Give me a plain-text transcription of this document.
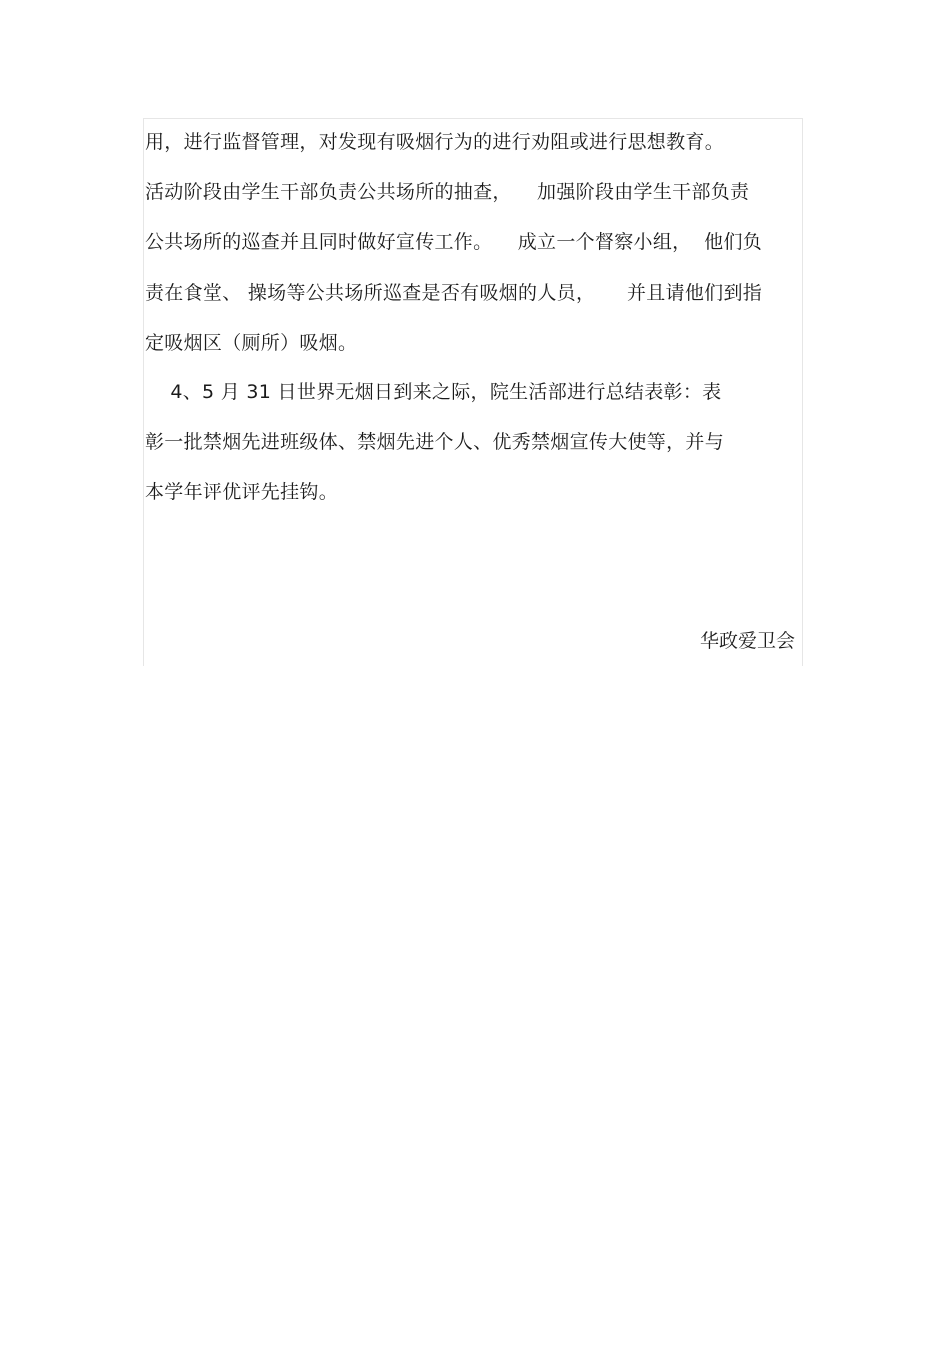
用，进行监督管理，对发现有吸烟行为的进行劝阻或进行思想教育。
活动阶段由学生干部负责公共场所的抽查，    加强阶段由学生干部负责
公共场所的巡查并且同时做好宣传工作。    成立一个督察小组，  他们负
责在食堂、 操场等公共场所巡查是否有吸烟的人员，     并且请他们到指
定吸烟区（厕所）吸烟。
4、5 月 31 日世界无烟日到来之际，院生活部进行总结表彰：表
彰一批禁烟先进班级体、禁烟先进个人、优秀禁烟宣传大使等，并与
本学年评优评先挂钩。
华政爱卫会
